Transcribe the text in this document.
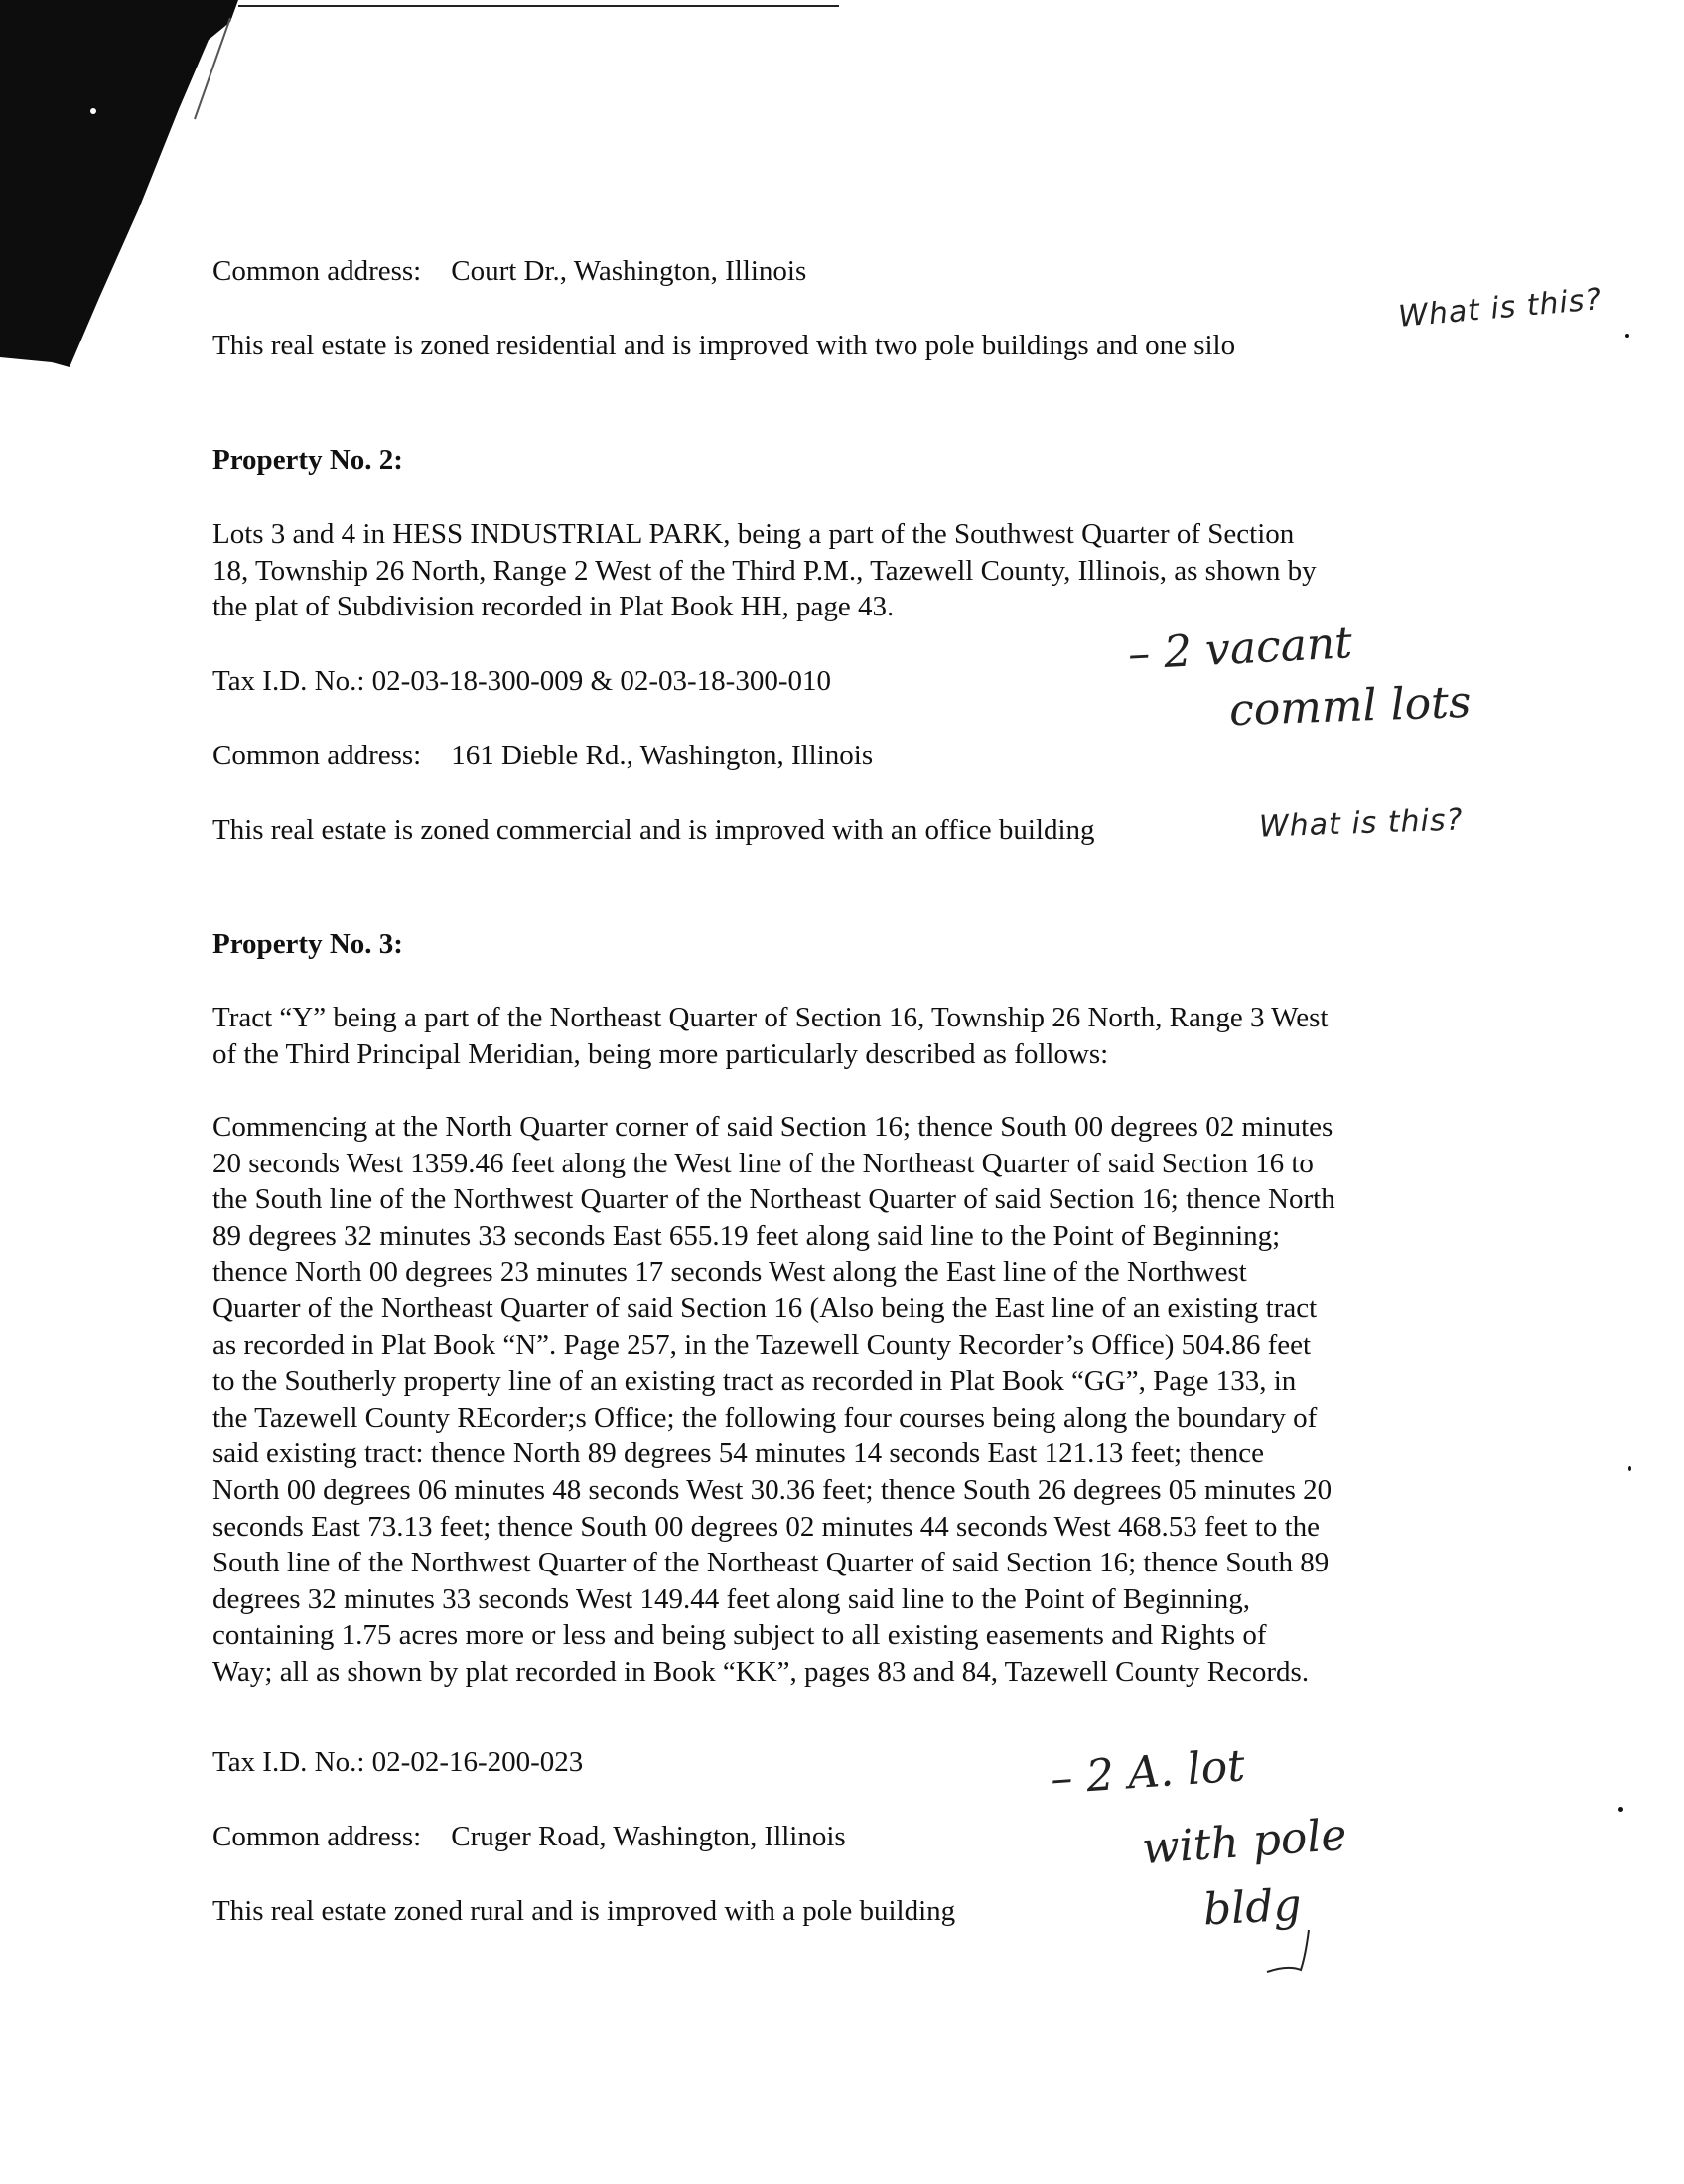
Common address: Court Dr., Washington, Illinois
This real estate is zoned residential and is improved with two pole buildings and one silo
What is this?
Property No. 2:
Lots 3 and 4 in HESS INDUSTRIAL PARK, being a part of the Southwest Quarter of Section
18, Township 26 North, Range 2 West of the Third P.M., Tazewell County, Illinois, as shown by
the plat of Subdivision recorded in Plat Book HH, page 43.
Tax I.D. No.: 02-03-18-300-009 & 02-03-18-300-010
– 2 vacant
comml lots
Common address: 161 Dieble Rd., Washington, Illinois
This real estate is zoned commercial and is improved with an office building	What is this?
Property No. 3:
Tract “Y” being a part of the Northeast Quarter of Section 16, Township 26 North, Range 3 West
of the Third Principal Meridian, being more particularly described as follows:
Commencing at the North Quarter corner of said Section 16; thence South 00 degrees 02 minutes
20 seconds West 1359.46 feet along the West line of the Northeast Quarter of said Section 16 to
the South line of the Northwest Quarter of the Northeast Quarter of said Section 16; thence North
89 degrees 32 minutes 33 seconds East 655.19 feet along said line to the Point of Beginning;
thence North 00 degrees 23 minutes 17 seconds West along the East line of the Northwest
Quarter of the Northeast Quarter of said Section 16 (Also being the East line of an existing tract
as recorded in Plat Book “N”. Page 257, in the Tazewell County Recorder’s Office) 504.86 feet
to the Southerly property line of an existing tract as recorded in Plat Book “GG”, Page 133, in
the Tazewell County REcorder;s Office; the following four courses being along the boundary of
said existing tract: thence North 89 degrees 54 minutes 14 seconds East 121.13 feet; thence
North 00 degrees 06 minutes 48 seconds West 30.36 feet; thence South 26 degrees 05 minutes 20
seconds East 73.13 feet; thence South 00 degrees 02 minutes 44 seconds West 468.53 feet to the
South line of the Northwest Quarter of the Northeast Quarter of said Section 16; thence South 89
degrees 32 minutes 33 seconds West 149.44 feet along said line to the Point of Beginning,
containing 1.75 acres more or less and being subject to all existing easements and Rights of
Way; all as shown by plat recorded in Book “KK”, pages 83 and 84, Tazewell County Records.
Tax I.D. No.: 02-02-16-200-023
Common address: Cruger Road, Washington, Illinois
This real estate zoned rural and is improved with a pole building
– 2 A. lot
with pole
bldg
